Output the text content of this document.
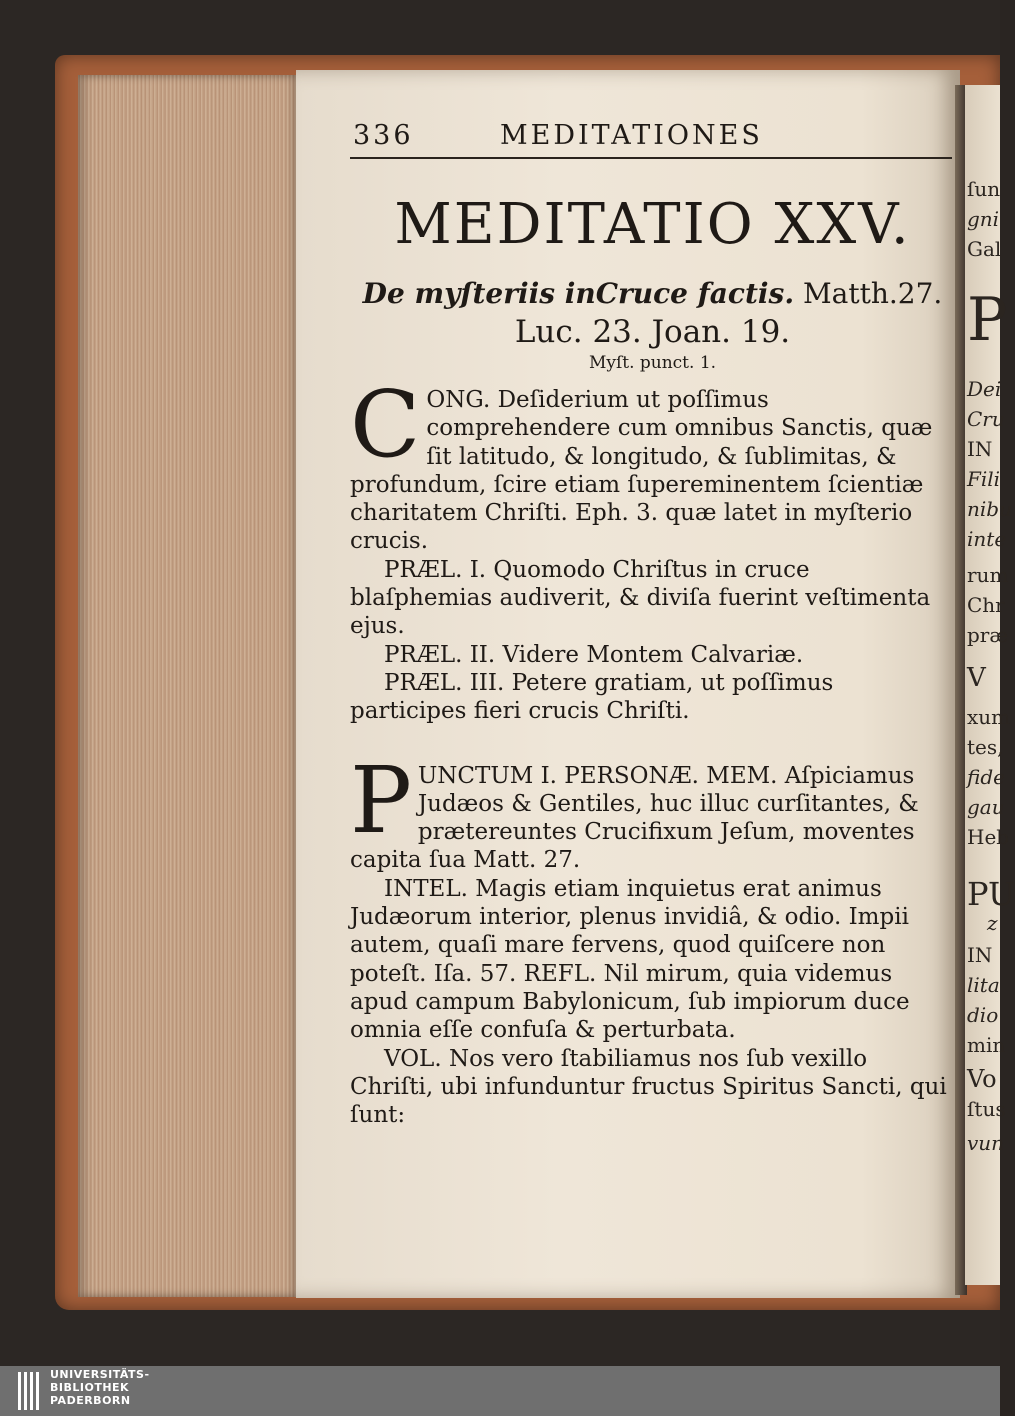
ſun
gni
Gal
P
Dei
Cru
IN
Fili
nibu
inte
rum
Chr
præ
V
xum
tes,
fide
gau
Heb
PU
z
IN
lita
dio
min
Vo
ſtus
vun
336	MEDITATIONES
MEDITATIO XXV.
De myſteriis inCruce factis. Matth.27.
Luc. 23. Joan. 19.
Myſt. punct. 1.

CONG. Deſiderium ut poſſimus comprehendere cum omnibus Sanctis, quæ ſit latitudo, & longitudo, & ſublimitas, & profundum, ſcire etiam ſupereminentem ſcientiæ charitatem Chriſti. Eph. 3. quæ latet in myſterio crucis.

PRÆL. I. Quomodo Chriſtus in cruce blaſphemias audiverit, & diviſa fuerint veſtimenta ejus.

PRÆL. II. Videre Montem Calvariæ.

PRÆL. III. Petere gratiam, ut poſſimus participes fieri crucis Chriſti.

PUNCTUM I. PERSONÆ. MEM. Aſpiciamus Judæos & Gentiles, huc illuc curſitantes, & prætereuntes Crucifixum Jeſum, moventes capita ſua Matt. 27.

INTEL. Magis etiam inquietus erat animus Judæorum interior, plenus invidiâ, & odio. Impii autem, quaſi mare fervens, quod quiſcere non poteſt. Iſa. 57. REFL. Nil mirum, quia videmus apud campum Babylonicum, ſub impiorum duce omnia eſſe confuſa & perturbata.

VOL. Nos vero ſtabiliamus nos ſub vexillo Chriſti, ubi infunduntur fructus Spiritus Sancti, qui ſunt:

UNIVERSITÄTS-
BIBLIOTHEK
PADERBORN
